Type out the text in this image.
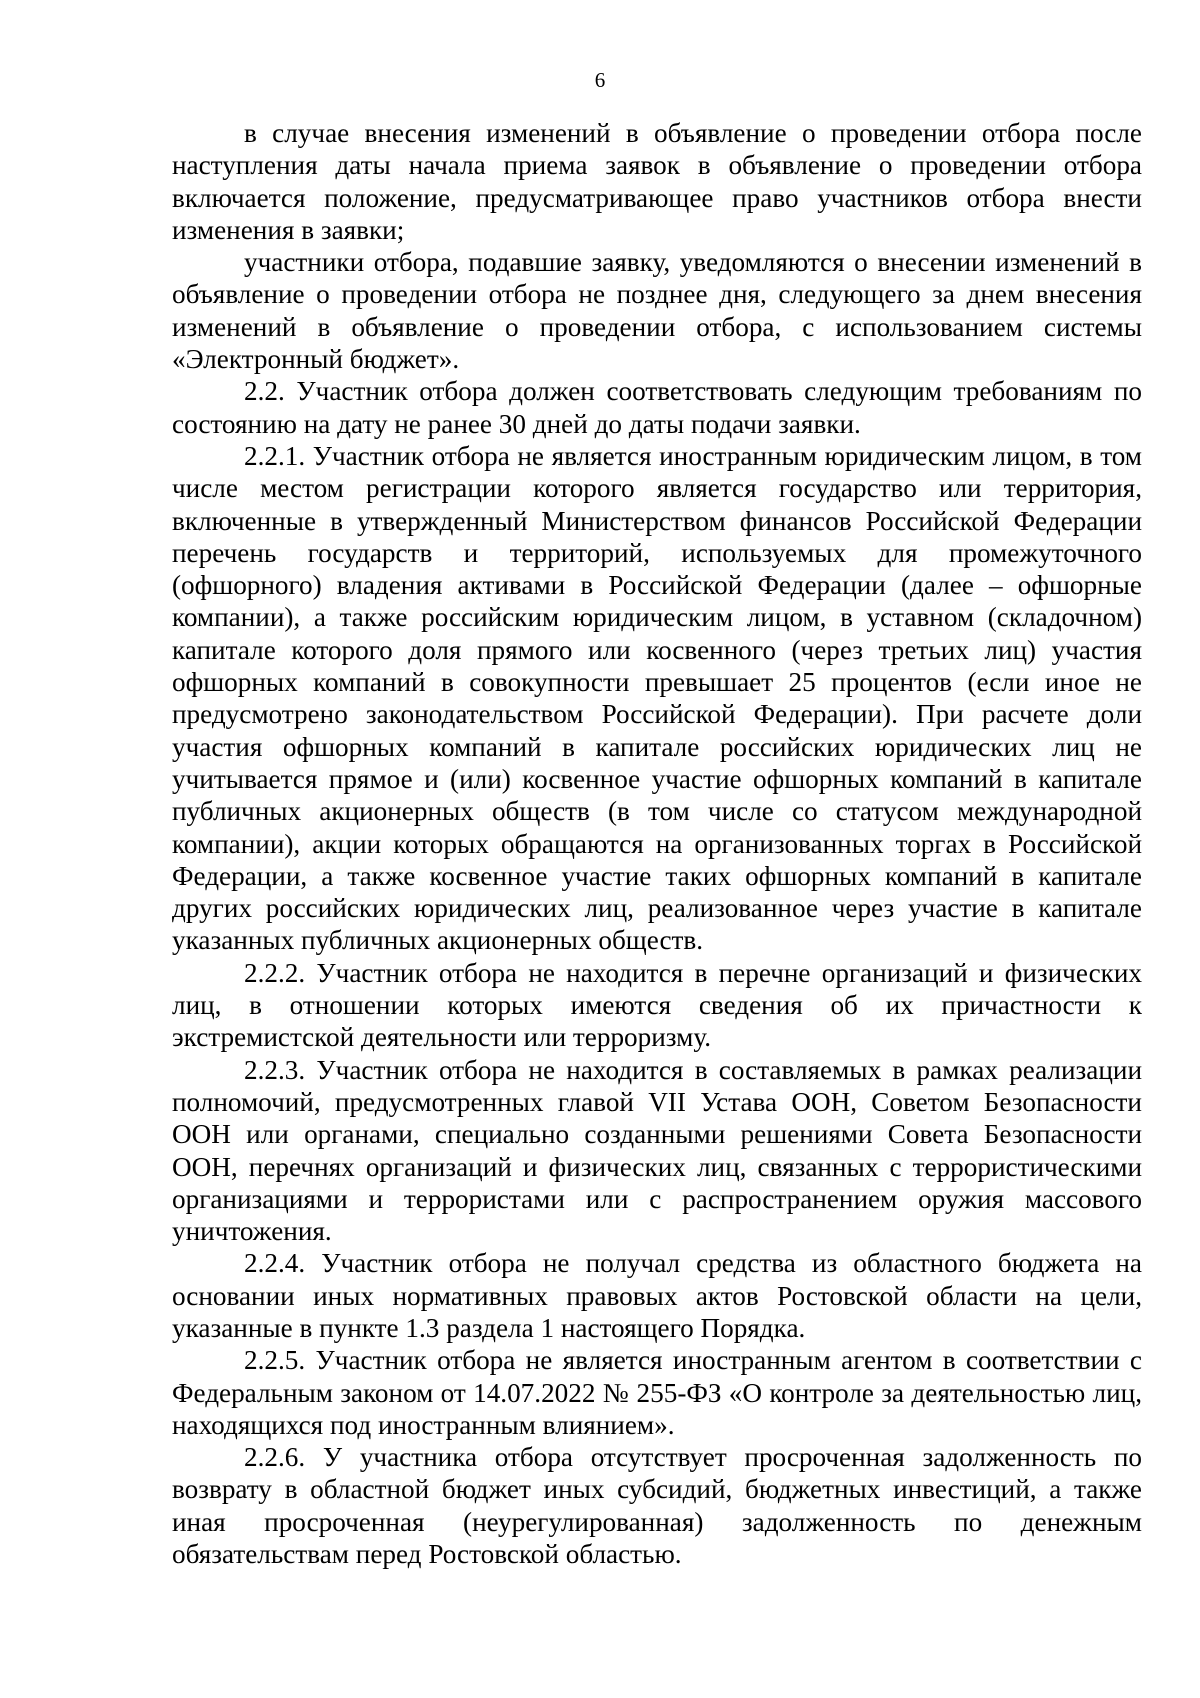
6

в случае внесения изменений в объявление о проведении отбора после наступления даты начала приема заявок в объявление о проведении отбора включается положение, предусматривающее право участников отбора внести изменения в заявки;

участники отбора, подавшие заявку, уведомляются о внесении изменений в объявление о проведении отбора не позднее дня, следующего за днем внесения изменений в объявление о проведении отбора, с использованием системы «Электронный бюджет».

2.2. Участник отбора должен соответствовать следующим требованиям по состоянию на дату не ранее 30 дней до даты подачи заявки.

2.2.1. Участник отбора не является иностранным юридическим лицом, в том числе местом регистрации которого является государство или территория, включенные в утвержденный Министерством финансов Российской Федерации перечень государств и территорий, используемых для промежуточного (офшорного) владения активами в Российской Федерации (далее – офшорные компании), а также российским юридическим лицом, в уставном (складочном) капитале которого доля прямого или косвенного (через третьих лиц) участия офшорных компаний в совокупности превышает 25 процентов (если иное не предусмотрено законодательством Российской Федерации). При расчете доли участия офшорных компаний в капитале российских юридических лиц не учитывается прямое и (или) косвенное участие офшорных компаний в капитале публичных акционерных обществ (в том числе со статусом международной компании), акции которых обращаются на организованных торгах в Российской Федерации, а также косвенное участие таких офшорных компаний в капитале других российских юридических лиц, реализованное через участие в капитале указанных публичных акционерных обществ.

2.2.2. Участник отбора не находится в перечне организаций и физических лиц, в отношении которых имеются сведения об их причастности к экстремистской деятельности или терроризму.

2.2.3. Участник отбора не находится в составляемых в рамках реализации полномочий, предусмотренных главой VII Устава ООН, Советом Безопасности ООН или органами, специально созданными решениями Совета Безопасности ООН, перечнях организаций и физических лиц, связанных с террористическими организациями и террористами или с распространением оружия массового уничтожения.

2.2.4. Участник отбора не получал средства из областного бюджета на основании иных нормативных правовых актов Ростовской области на цели, указанные в пункте 1.3 раздела 1 настоящего Порядка.

2.2.5. Участник отбора не является иностранным агентом в соответствии с Федеральным законом от 14.07.2022 № 255-ФЗ «О контроле за деятельностью лиц, находящихся под иностранным влиянием».

2.2.6. У участника отбора отсутствует просроченная задолженность по возврату в областной бюджет иных субсидий, бюджетных инвестиций, а также иная просроченная (неурегулированная) задолженность по денежным обязательствам перед Ростовской областью.
